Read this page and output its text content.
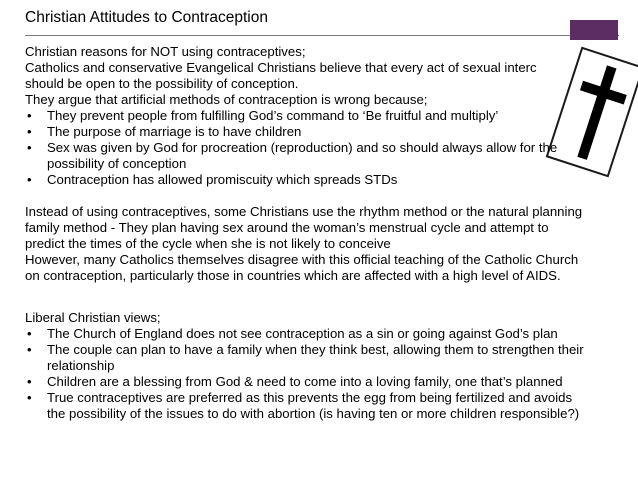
Christian Attitudes to Contraception
Christian reasons for NOT using contraceptives;
Catholics and conservative Evangelical Christians believe that every act of sexual interc
should be open to the possibility of conception.
They argue that artificial methods of contraception is wrong because;
• They prevent people from fulfilling God’s command to ‘Be fruitful and multiply’
• The purpose of marriage is to have children
• Sex was given by God for procreation (reproduction) and so should always allow for the
possibility of conception
• Contraception has allowed promiscuity which spreads STDs
Instead of using contraceptives, some Christians use the rhythm method or the natural planning
family method - They plan having sex around the woman’s menstrual cycle and attempt to
predict the times of the cycle when she is not likely to conceive
However, many Catholics themselves disagree with this official teaching of the Catholic Church
on contraception, particularly those in countries which are affected with a high level of AIDS.
Liberal Christian views;
• The Church of England does not see contraception as a sin or going against God’s plan
• The couple can plan to have a family when they think best, allowing them to strengthen their
relationship
• Children are a blessing from God & need to come into a loving family, one that’s planned
• True contraceptives are preferred as this prevents the egg from being fertilized and avoids
the possibility of the issues to do with abortion (is having ten or more children responsible?)
